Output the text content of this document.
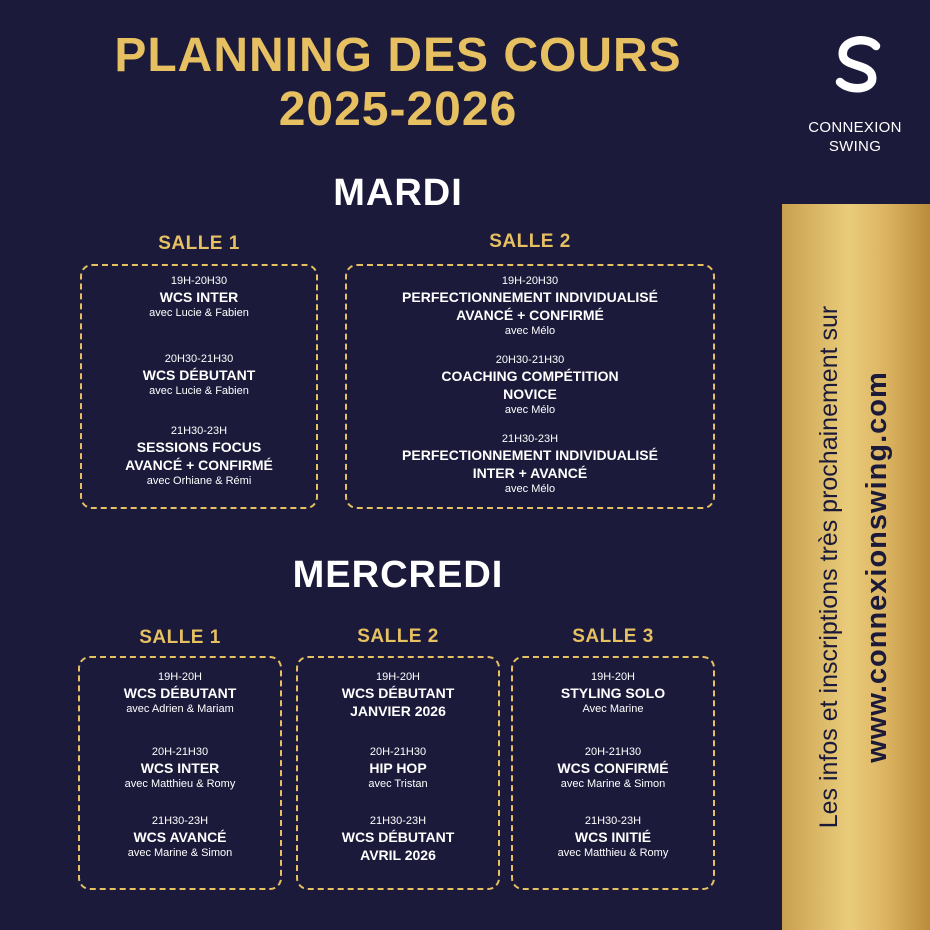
PLANNING DES COURS
2025-2026	CONNEXION
SWING
MARDI
SALLE 1	SALLE 2
19H-20H30
WCS INTER
avec Lucie & Fabien
20H30-21H30
WCS DÉBUTANT
avec Lucie & Fabien
21H30-23H
SESSIONS FOCUS
AVANCÉ + CONFIRMÉ
avec Orhiane & Rémi
19H-20H30
PERFECTIONNEMENT INDIVIDUALISÉ
AVANCÉ + CONFIRMÉ
avec Mélo
20H30-21H30
COACHING COMPÉTITION
NOVICE
avec Mélo
21H30-23H
PERFECTIONNEMENT INDIVIDUALISÉ
INTER + AVANCÉ
avec Mélo
MERCREDI
SALLE 1	SALLE 2	SALLE 3
19H-20H
WCS DÉBUTANT
avec Adrien & Mariam
20H-21H30
WCS INTER
avec Matthieu & Romy
21H30-23H
WCS AVANCÉ
avec Marine & Simon
19H-20H
WCS DÉBUTANT
JANVIER 2026
20H-21H30
HIP HOP
avec Tristan
21H30-23H
WCS DÉBUTANT
AVRIL 2026
19H-20H
STYLING SOLO
Avec Marine
20H-21H30
WCS CONFIRMÉ
avec Marine & Simon
21H30-23H
WCS INITIÉ
avec Matthieu & Romy
Les infos et inscriptions très prochainement sur www.connexionswing.com
